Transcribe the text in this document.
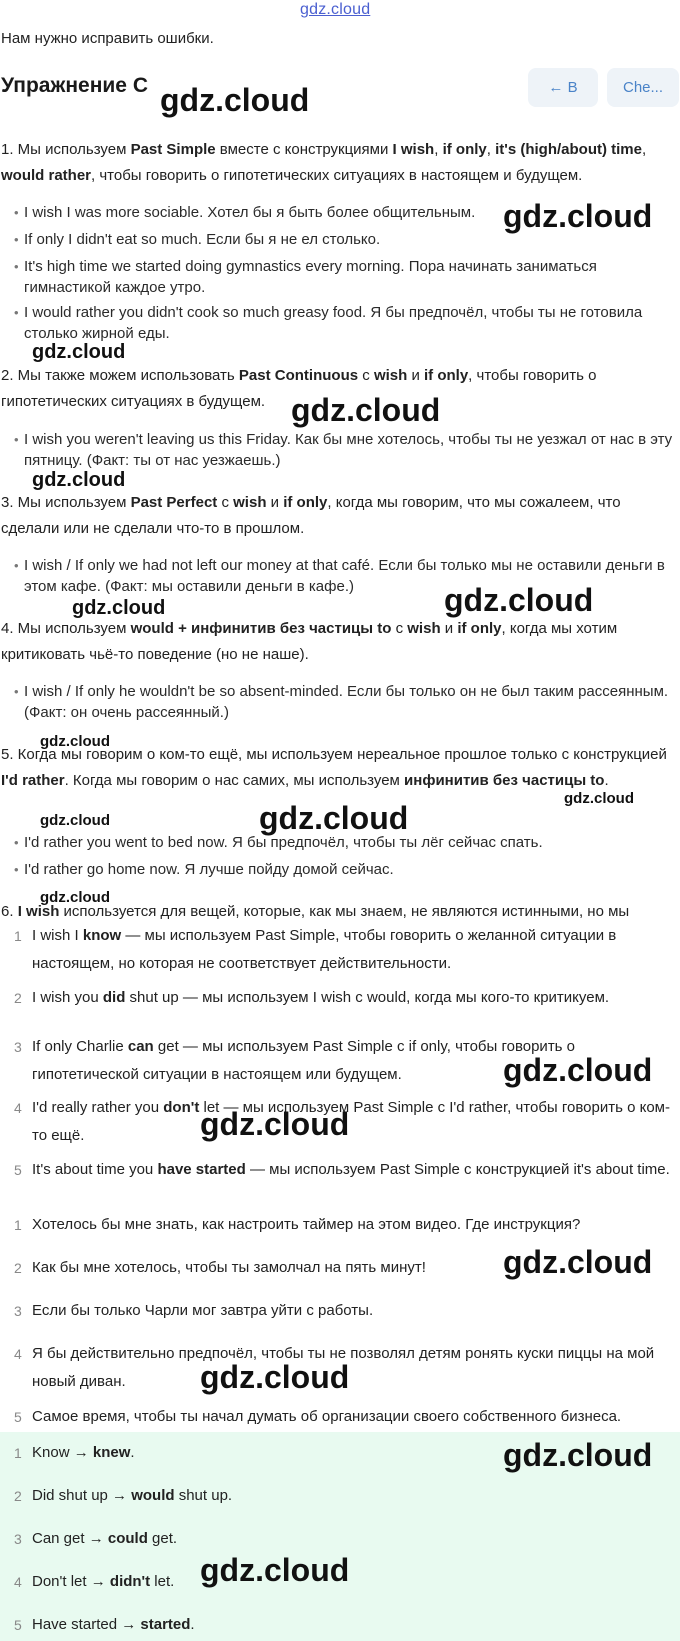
gdz.cloud
Нам нужно исправить ошибки.
Упражнение C	← В	Che...
1. Мы используем Past Simple вместе с конструкциями I wish, if only, it's (high/about) time, would rather, чтобы говорить о гипотетических ситуациях в настоящем и будущем.
• I wish I was more sociable. Хотел бы я быть более общительным.
• If only I didn't eat so much. Если бы я не ел столько.
• It's high time we started doing gymnastics every morning. Пора начинать заниматься гимнастикой каждое утро.
• I would rather you didn't cook so much greasy food. Я бы предпочёл, чтобы ты не готовила столько жирной еды.
2. Мы также можем использовать Past Continuous с wish и if only, чтобы говорить о гипотетических ситуациях в будущем.
• I wish you weren't leaving us this Friday. Как бы мне хотелось, чтобы ты не уезжал от нас в эту пятницу. (Факт: ты от нас уезжаешь.)
3. Мы используем Past Perfect с wish и if only, когда мы говорим, что мы сожалеем, что сделали или не сделали что-то в прошлом.
• I wish / If only we had not left our money at that café. Если бы только мы не оставили деньги в этом кафе. (Факт: мы оставили деньги в кафе.)
4. Мы используем would + инфинитив без частицы to с wish и if only, когда мы хотим критиковать чьё-то поведение (но не наше).
• I wish / If only he wouldn't be so absent-minded. Если бы только он не был таким рассеянным. (Факт: он очень рассеянный.)
5. Когда мы говорим о ком-то ещё, мы используем нереальное прошлое только с конструкцией I'd rather. Когда мы говорим о нас самих, мы используем инфинитив без частицы to.
• I'd rather you went to bed now. Я бы предпочёл, чтобы ты лёг сейчас спать.
• I'd rather go home now. Я лучше пойду домой сейчас.
6. I wish используется для вещей, которые, как мы знаем, не являются истинными, но мы
1 I wish I know — мы используем Past Simple, чтобы говорить о желанной ситуации в настоящем, но которая не соответствует действительности.
2 I wish you did shut up — мы используем I wish с would, когда мы кого-то критикуем.
3 If only Charlie can get — мы используем Past Simple с if only, чтобы говорить о гипотетической ситуации в настоящем или будущем.
4 I'd really rather you don't let — мы используем Past Simple с I'd rather, чтобы говорить о ком-то ещё.
5 It's about time you have started — мы используем Past Simple с конструкцией it's about time.
1 Хотелось бы мне знать, как настроить таймер на этом видео. Где инструкция?
2 Как бы мне хотелось, чтобы ты замолчал на пять минут!
3 Если бы только Чарли мог завтра уйти с работы.
4 Я бы действительно предпочёл, чтобы ты не позволял детям ронять куски пиццы на мой новый диван.
5 Самое время, чтобы ты начал думать об организации своего собственного бизнеса.
1 Know → knew.
2 Did shut up → would shut up.
3 Can get → could get.
4 Don't let → didn't let.
5 Have started → started.
gdz.cloud
gdz.cloud
gdz.cloud
gdz.cloud
gdz.cloud
gdz.cloud	gdz.cloud
gdz.cloud
gdz.cloud	gdz.cloud
gdz.cloud
gdz.cloud
gdz.cloud
gdz.cloud
gdz.cloud
gdz.cloud
gdz.cloud
gdz.cloud
